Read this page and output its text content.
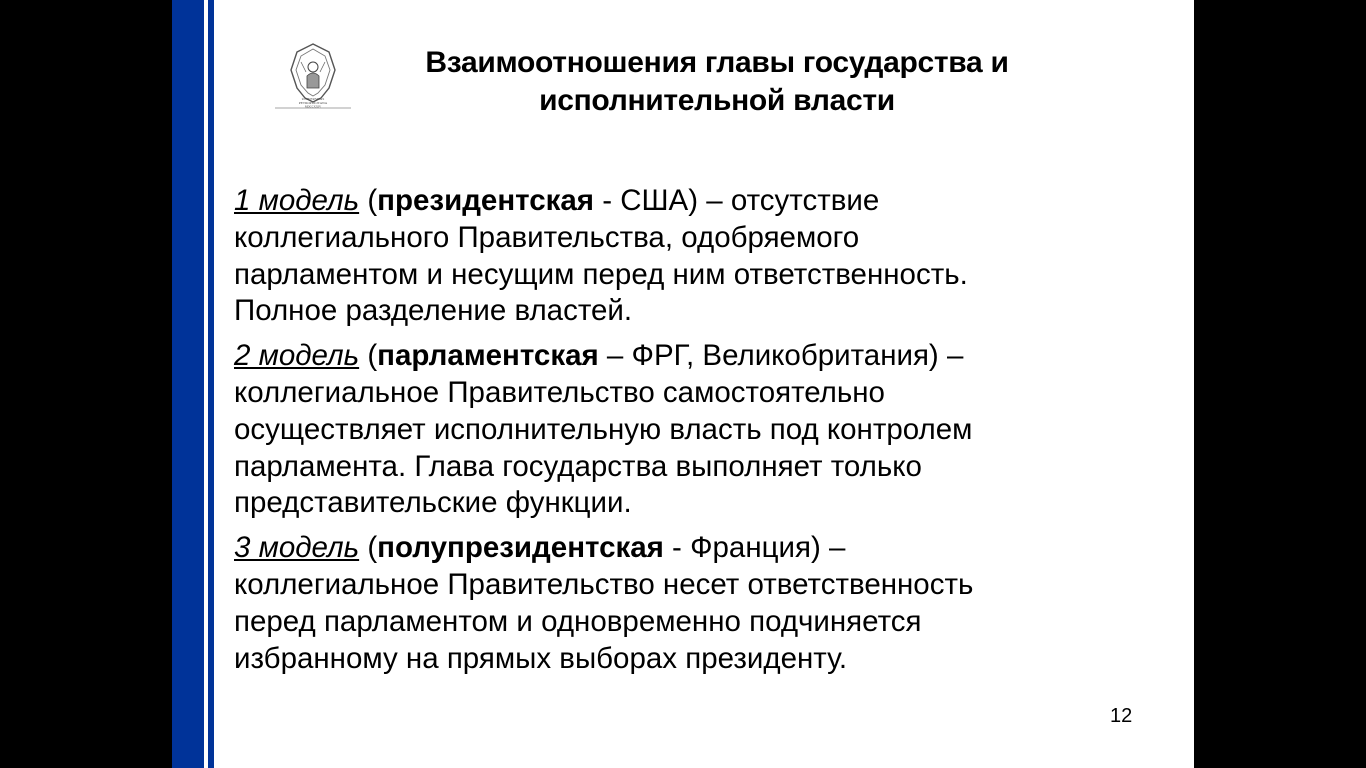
UNIVERSITAS
PETROPOLITANA
MDCCXXIV
Взаимоотношения главы государства и
исполнительной власти
1 модель (президентская - США) – отсутствие
коллегиального Правительства, одобряемого
парламентом и несущим перед ним ответственность.
Полное разделение властей.
2 модель (парламентская – ФРГ, Великобритания) –
коллегиальное Правительство самостоятельно
осуществляет исполнительную власть под контролем
парламента. Глава государства выполняет только
представительские функции.
3 модель (полупрезидентская - Франция) –
коллегиальное Правительство несет ответственность
перед парламентом и одновременно подчиняется
избранному на прямых выборах президенту.
12
